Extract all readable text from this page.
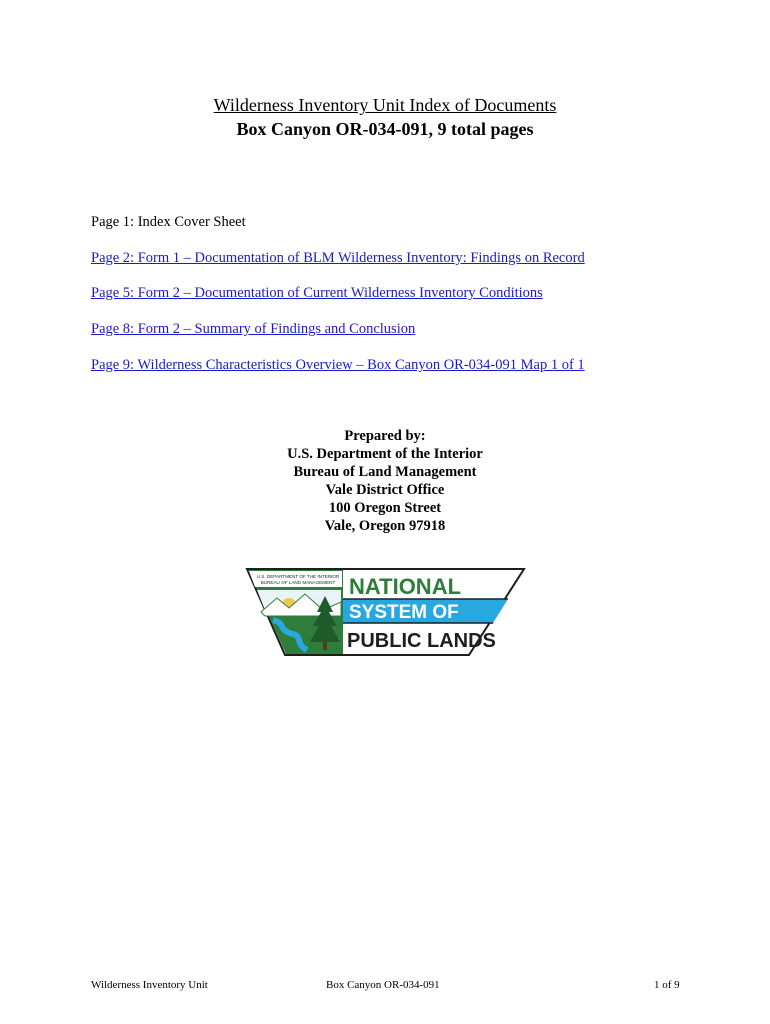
Wilderness Inventory Unit Index of Documents
Box Canyon OR-034-091, 9 total pages
Page 1: Index Cover Sheet
Page 2: Form 1 – Documentation of BLM Wilderness Inventory: Findings on Record
Page 5: Form 2 – Documentation of Current Wilderness Inventory Conditions
Page 8: Form 2 – Summary of Findings and Conclusion
Page 9: Wilderness Characteristics Overview – Box Canyon OR-034-091 Map 1 of 1
Prepared by:
U.S. Department of the Interior
Bureau of Land Management
Vale District Office
100 Oregon Street
Vale, Oregon 97918
U.S. DEPARTMENT OF THE INTERIOR
BUREAU OF LAND MANAGEMENT NATIONAL
SYSTEM OF
PUBLIC LANDS
Wilderness Inventory Unit	Box Canyon OR-034-091	1 of 9
